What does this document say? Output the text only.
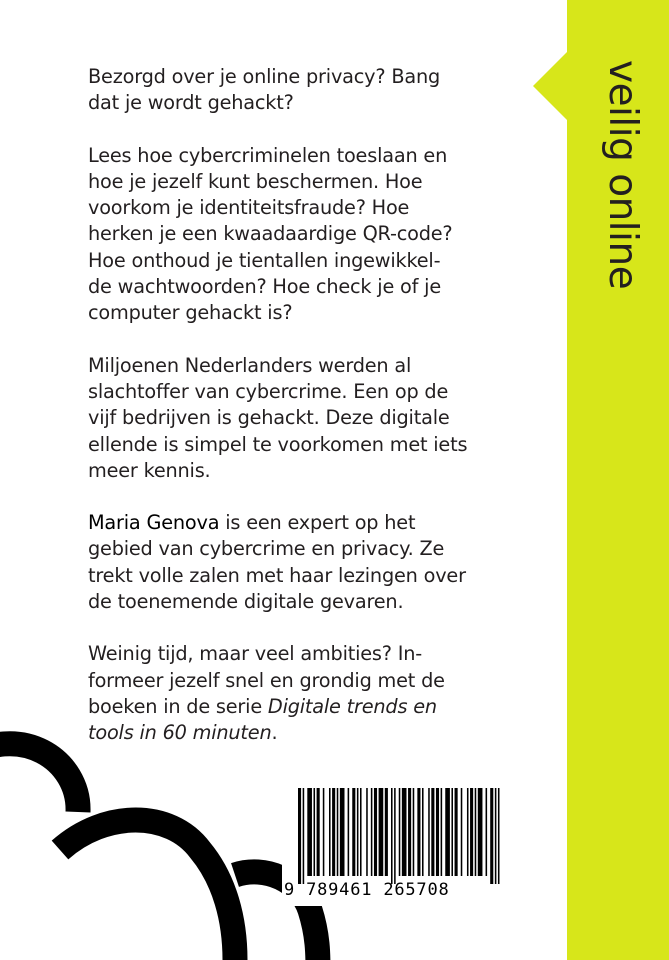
veilig online

Bezorgd over je online privacy? Bang
dat je wordt gehackt?

Lees hoe cybercriminelen toeslaan en
hoe je jezelf kunt beschermen. Hoe
voorkom je identiteitsfraude? Hoe
herken je een kwaadaardige QR-code?
Hoe onthoud je tientallen ingewikkel-
de wachtwoorden? Hoe check je of je
computer gehackt is?

Miljoenen Nederlanders werden al
slachtoffer van cybercrime. Een op de
vijf bedrijven is gehackt. Deze digitale
ellende is simpel te voorkomen met iets
meer kennis.

Maria Genova is een expert op het
gebied van cybercrime en privacy. Ze
trekt volle zalen met haar lezingen over
de toenemende digitale gevaren.

Weinig tijd, maar veel ambities? In-
formeer jezelf snel en grondig met de
boeken in de serie Digitale trends en
tools in 60 minuten.

9 789461 265708
